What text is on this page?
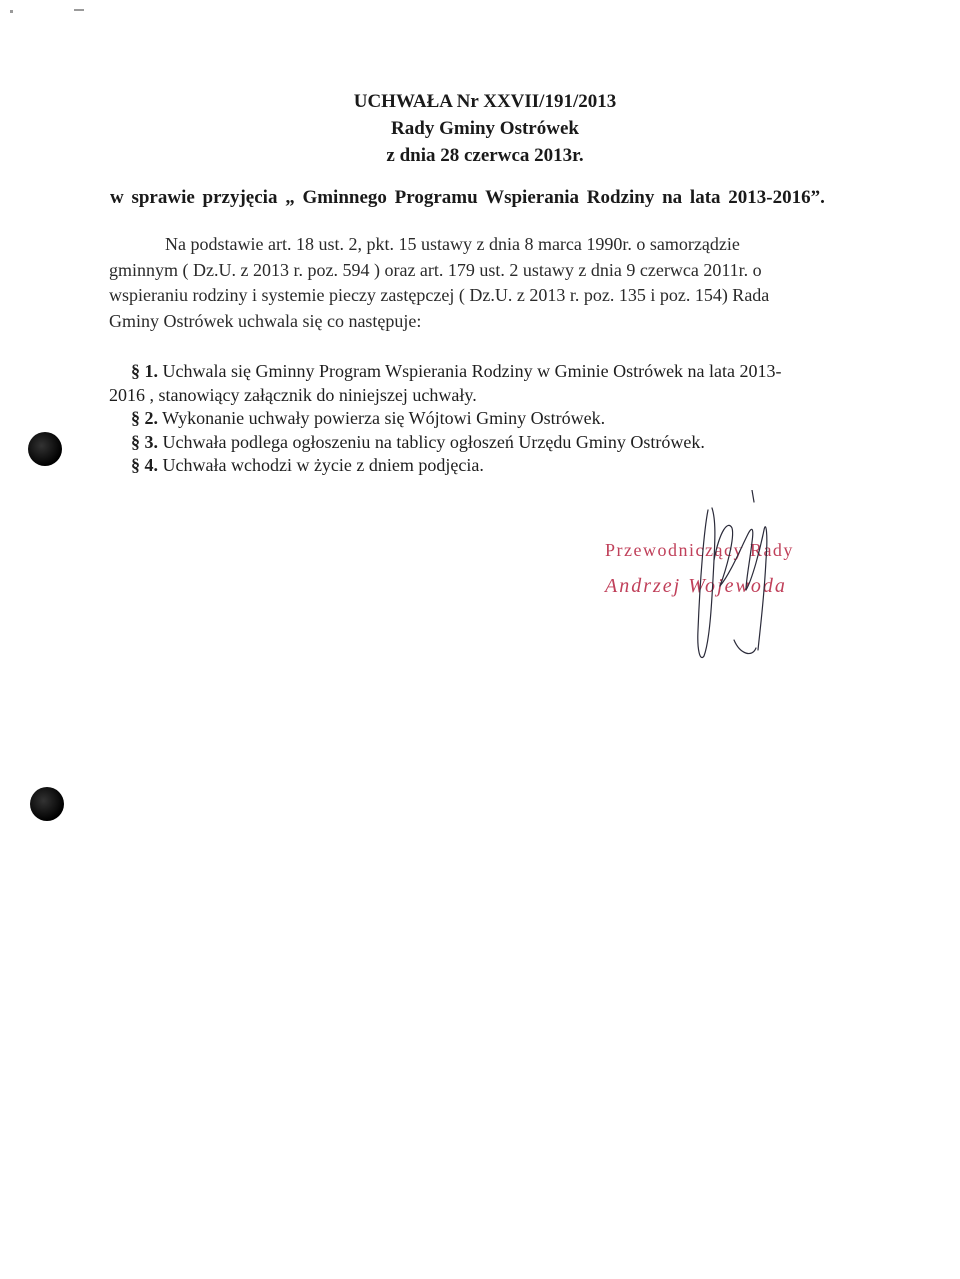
UCHWAŁA Nr XXVII/191/2013
Rady Gminy Ostrówek
z dnia 28 czerwca 2013r.
w sprawie przyjęcia „ Gminnego Programu Wspierania Rodziny na lata 2013-2016”.
Na podstawie art. 18 ust. 2, pkt. 15 ustawy z dnia 8 marca 1990r. o samorządzie
gminnym ( Dz.U. z 2013 r. poz. 594 ) oraz art. 179 ust. 2 ustawy z dnia 9 czerwca 2011r. o
wspieraniu rodziny i systemie pieczy zastępczej ( Dz.U. z 2013 r. poz. 135 i poz. 154) Rada
Gminy Ostrówek uchwala się co następuje:

§ 1. Uchwala się Gminny Program Wspierania Rodziny w Gminie Ostrówek na lata 2013-

2016 , stanowiący załącznik do niniejszej uchwały.

§ 2. Wykonanie uchwały powierza się Wójtowi Gminy Ostrówek.

§ 3. Uchwała podlega ogłoszeniu na tablicy ogłoszeń Urzędu Gminy Ostrówek.

§ 4. Uchwała wchodzi w życie z dniem podjęcia.

Przewodniczący Rady
Andrzej Wojewoda
